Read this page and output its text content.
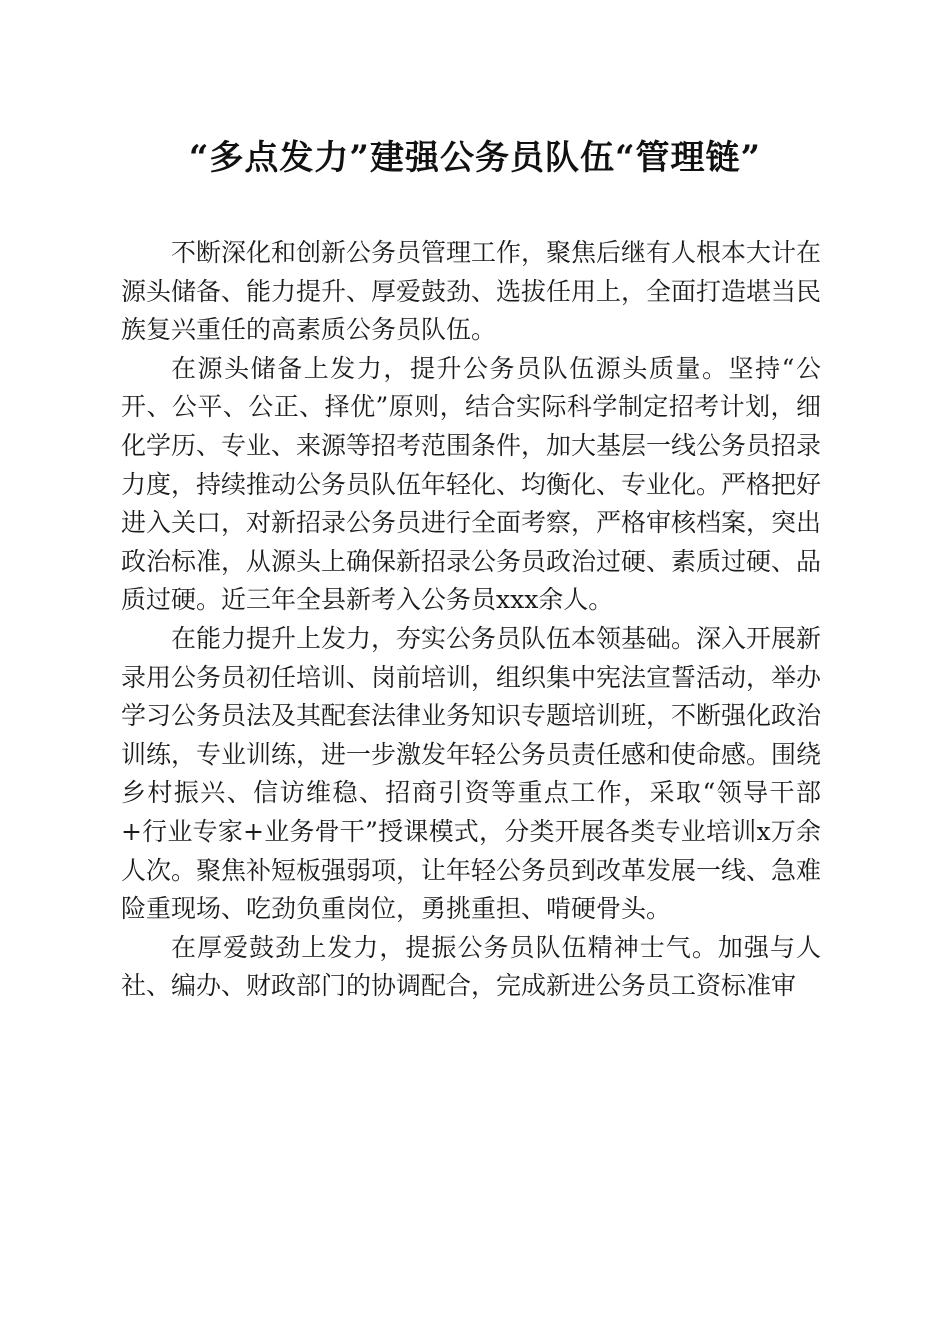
“多点发力”建强公务员队伍“管理链”

不断深化和创新公务员管理工作，聚焦后继有人根本大计在源头储备、能力提升、厚爱鼓劲、选拔任用上，全面打造堪当民族复兴重任的高素质公务员队伍。

在源头储备上发力，提升公务员队伍源头质量。坚持“公开、公平、公正、择优”原则，结合实际科学制定招考计划，细化学历、专业、来源等招考范围条件，加大基层一线公务员招录力度，持续推动公务员队伍年轻化、均衡化、专业化。严格把好进入关口，对新招录公务员进行全面考察，严格审核档案，突出政治标准，从源头上确保新招录公务员政治过硬、素质过硬、品质过硬。近三年全县新考入公务员xxx余人。

在能力提升上发力，夯实公务员队伍本领基础。深入开展新录用公务员初任培训、岗前培训，组织集中宪法宣誓活动，举办学习公务员法及其配套法律业务知识专题培训班，不断强化政治训练，专业训练，进一步激发年轻公务员责任感和使命感。围绕乡村振兴、信访维稳、招商引资等重点工作，采取“领导干部+行业专家+业务骨干”授课模式，分类开展各类专业培训x万余人次。聚焦补短板强弱项，让年轻公务员到改革发展一线、急难险重现场、吃劲负重岗位，勇挑重担、啃硬骨头。

在厚爱鼓劲上发力，提振公务员队伍精神士气。加强与人社、编办、财政部门的协调配合，完成新进公务员工资标准审
